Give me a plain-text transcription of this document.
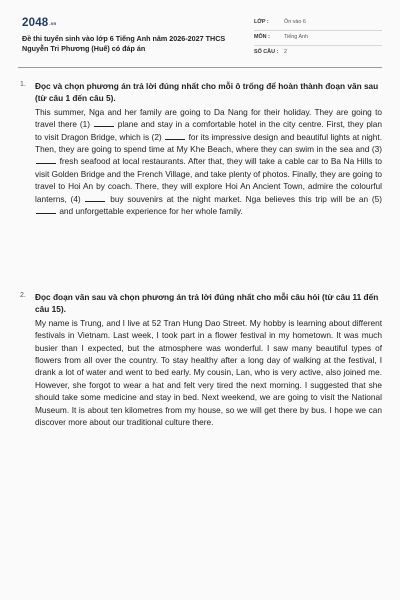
$2048_{.vn}$
Đề thi tuyển sinh vào lớp 6 Tiếng Anh năm 2026-2027 THCS Nguyễn Tri Phương (Huế) có đáp án
LỚP :	Ôn vào 6
MÔN :	Tiếng Anh
SỐ CÂU : 2
1. Đọc và chọn phương án trả lời đúng nhất cho mỗi ô trống để hoàn thành đoạn văn sau (từ câu 1 đến câu 5).
This summer, Nga and her family are going to Da Nang for their holiday. They are going to travel there (1)	plane and stay in a comfortable hotel in the city centre. First, they plan to visit Dragon Bridge, which is (2)	for its impressive design and beautiful lights at night. Then, they are going to spend time at My Khe Beach, where they can swim in the sea and (3)  fresh seafood at local restaurants. After that, they will take a cable car to Ba Na Hills to visit Golden Bridge and the French Village, and take plenty of photos. Finally, they are going to travel to Hoi An by coach. There, they will explore Hoi An Ancient Town, admire the colourful lanterns, (4)	buy souvenirs at the night market. Nga believes this trip will be an (5)  and unforgettable experience for her whole family.
2. Đọc đoạn văn sau và chọn phương án trả lời đúng nhất cho mỗi câu hỏi (từ câu 11 đến câu 15).
My name is Trung, and I live at 52 Tran Hung Dao Street. My hobby is learning about different festivals in Vietnam. Last week, I took part in a flower festival in my hometown. It was much busier than I expected, but the atmosphere was wonderful. I saw many beautiful types of flowers from all over the country. To stay healthy after a long day of walking at the festival, I drank a lot of water and went to bed early. My cousin, Lan, who is very active, also joined me. However, she forgot to wear a hat and felt very tired the next morning. I suggested that she should take some medicine and stay in bed. Next weekend, we are going to visit the National Museum. It is about ten kilometres from my house, so we will get there by bus. I hope we can discover more about our traditional culture there.
